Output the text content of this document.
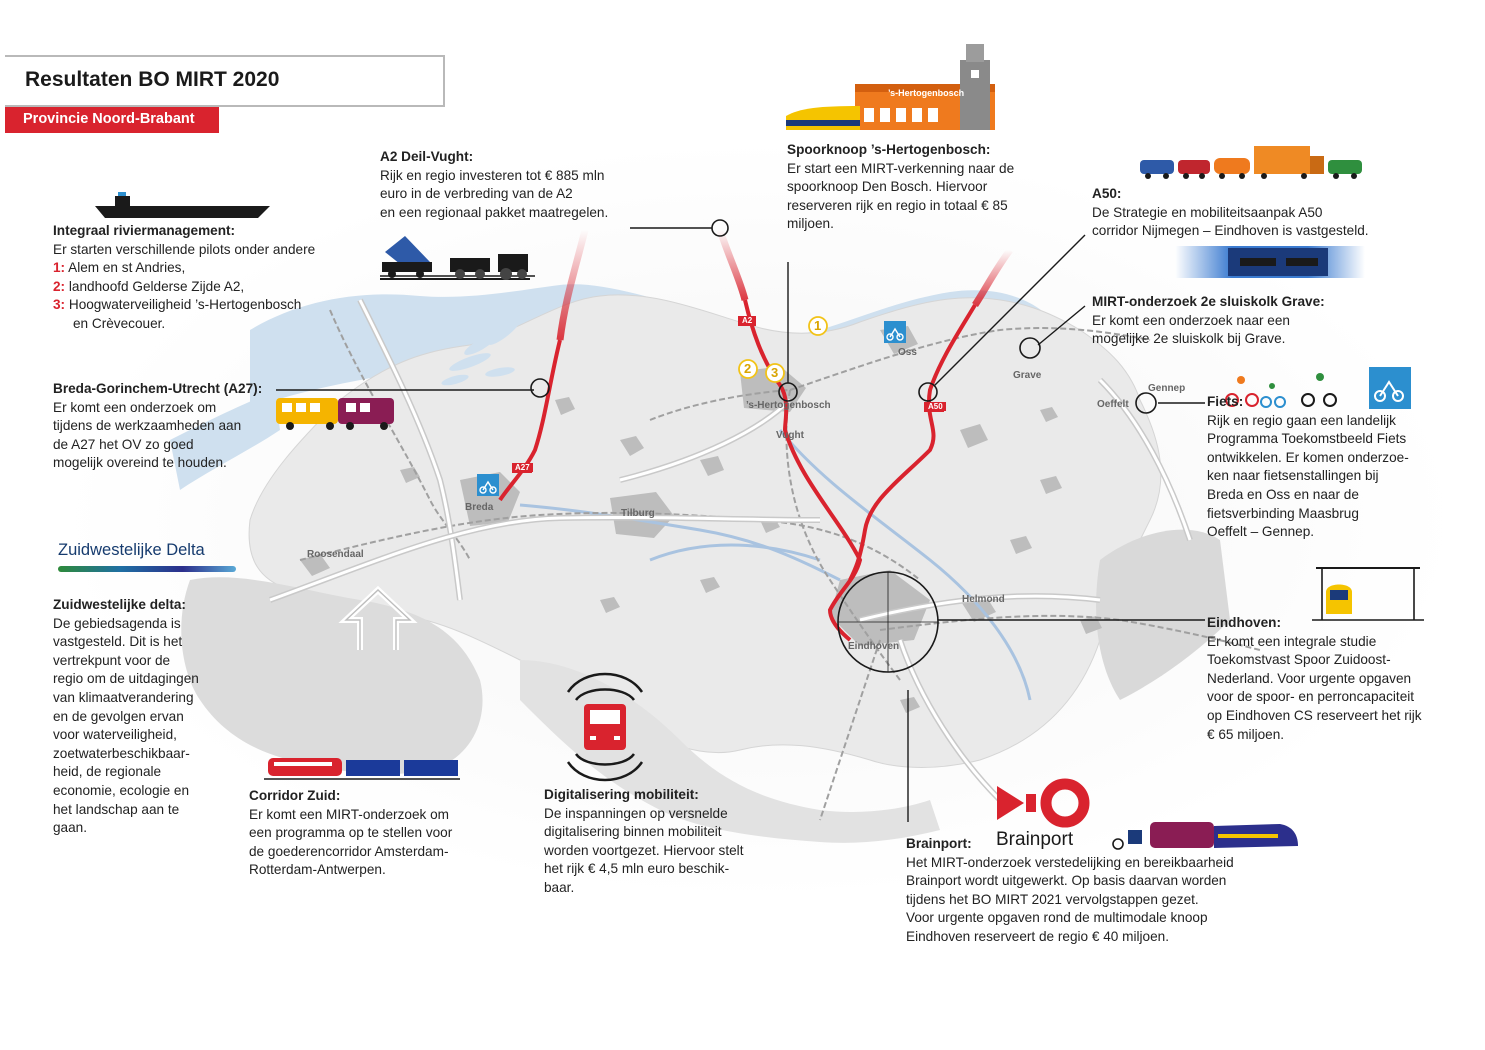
Resultaten BO MIRT 2020
Provincie Noord-Brabant
Breda
Tilburg
’s-Hertogenbosch
Vught
Oss
Grave
Gennep
Oeffelt
Eindhoven
Helmond
Roosendaal
A2
A27
A50
1
2 3
’s-Hertogenbosch
Zuidwestelijke Delta
Brainport
Integraal riviermanagement:

Er starten verschillende pilots onder andere

1: Alem en st Andries,

2: landhoofd Gelderse Zijde A2,

3: Hoogwaterveiligheid ’s-Hertogenbosch

en Crèvecouer.

A2 Deil-Vught:

Rijk en regio investeren tot € 885 mln

euro in de verbreding van de A2

en een regionaal pakket maatregelen.

Spoorknoop ’s-Hertogenbosch:

Er start een MIRT-verkenning naar de

spoorknoop Den Bosch. Hiervoor

reserveren rijk en regio in totaal € 85

miljoen.

A50:

De Strategie en mobiliteitsaanpak A50

corridor Nijmegen – Eindhoven is vastgesteld.

MIRT-onderzoek 2e sluiskolk Grave:

Er komt een onderzoek naar een

mogelijke 2e sluiskolk bij Grave.

Breda-Gorinchem-Utrecht (A27):

Er komt een onderzoek om

tijdens de werkzaamheden aan

de A27 het OV zo goed

mogelijk overeind te houden.

Fiets:

Rijk en regio gaan een landelijk

Programma Toekomstbeeld Fiets

ontwikkelen. Er komen onderzoe-

ken naar fietsenstallingen bij

Breda en Oss en naar de

fietsverbinding Maasbrug

Oeffelt – Gennep.

Zuidwestelijke delta:

De gebiedsagenda is

vastgesteld. Dit is het

vertrekpunt voor de

regio om de uitdagingen

van klimaatverandering

en de gevolgen ervan

voor waterveiligheid,

zoetwaterbeschikbaar-

heid, de regionale

economie, ecologie en

het landschap aan te

gaan.

Eindhoven:

Er komt een integrale studie

Toekomstvast Spoor Zuidoost-

Nederland. Voor urgente opgaven

voor de spoor- en perroncapaciteit

op Eindhoven CS reserveert het rijk

€ 65 miljoen.

Corridor Zuid:

Er komt een MIRT-onderzoek om

een programma op te stellen voor

de goederencorridor Amsterdam-

Rotterdam-Antwerpen.

Digitalisering mobiliteit:

De inspanningen op versnelde

digitalisering binnen mobiliteit

worden voortgezet. Hiervoor stelt

het rijk € 4,5 mln euro beschik-

baar.

Brainport:

Het MIRT-onderzoek verstedelijking en bereikbaarheid

Brainport wordt uitgewerkt. Op basis daarvan worden

tijdens het BO MIRT 2021 vervolgstappen gezet.

Voor urgente opgaven rond de multimodale knoop

Eindhoven reserveert de regio € 40 miljoen.
